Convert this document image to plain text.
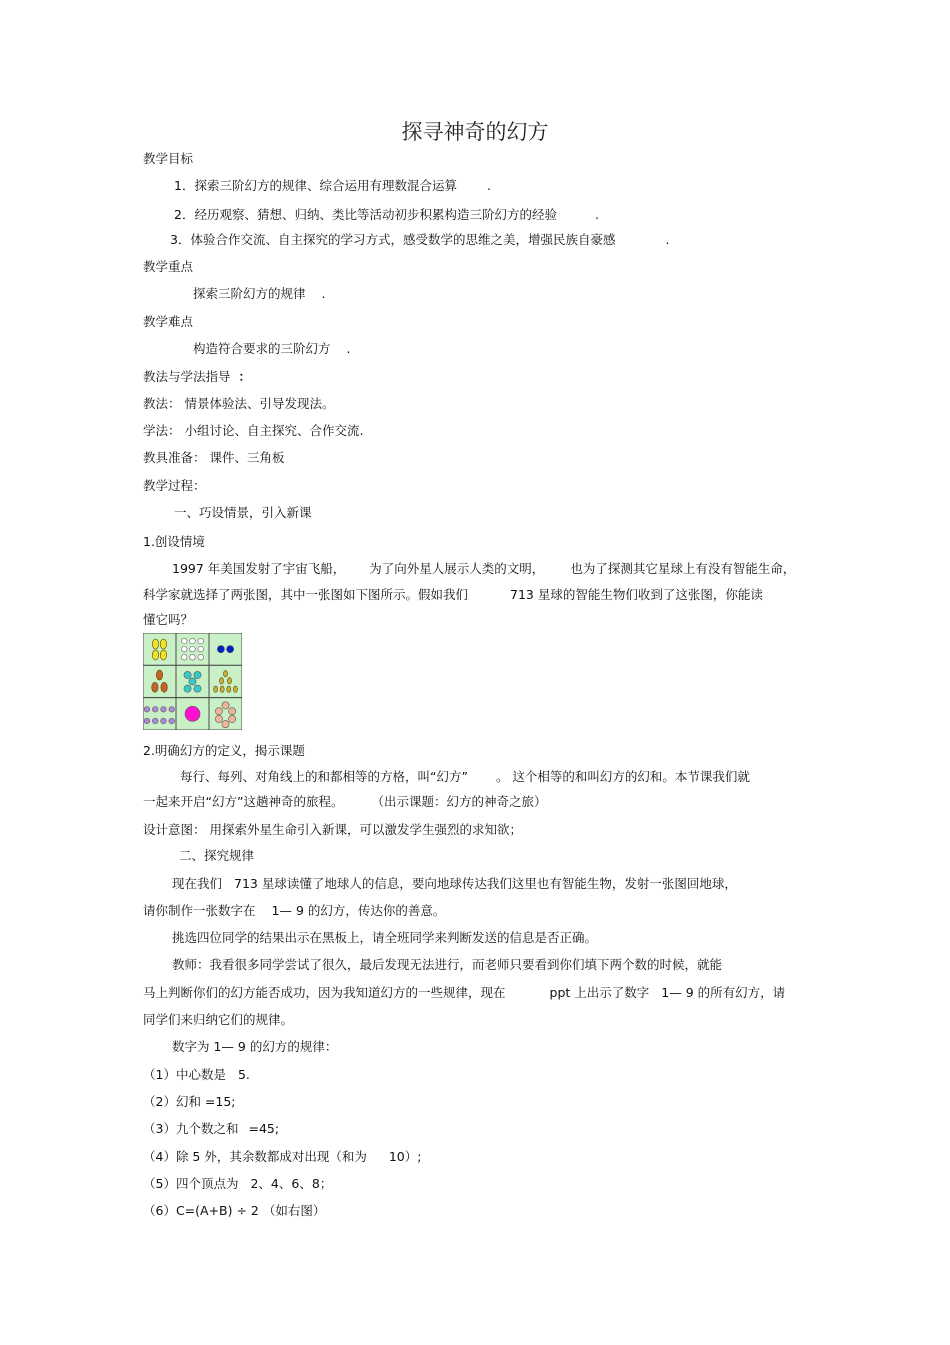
探寻神奇的幻方
教学目标
1．探索三阶幻方的规律、综合运用有理数混合运算 .
2．经历观察、猜想、归纳、类比等活动初步积累构造三阶幻方的经验	.
3．体验合作交流、自主探究的学习方式，感受数学的思维之美，增强民族自豪感	.
教学重点
探索三阶幻方的规律 .
教学难点
构造符合要求的三阶幻方 .
教法与学法指导 ：
教法： 情景体验法、引导发现法。
学法： 小组讨论、自主探究、合作交流.
教具准备： 课件、三角板
教学过程：
一、巧设情景，引入新课
1.创设情境
1997 年美国发射了宇宙飞船， 为了向外星人展示人类的文明， 也为了探测其它星球上有没有智能生命，
科学家就选择了两张图，其中一张图如下图所示。假如我们	713 星球的智能生物们收到了这张图，你能读
懂它吗？
2.明确幻方的定义，揭示课题
每行、每列、对角线上的和都相等的方格，叫“幻方” 。 这个相等的和叫幻方的幻和。本节课我们就
一起来开启“幻方”这趟神奇的旅程。 （出示课题：幻方的神奇之旅）
设计意图： 用探索外星生命引入新课，可以激发学生强烈的求知欲；
二、探究规律
现在我们 713 星球读懂了地球人的信息，要向地球传达我们这里也有智能生物，发射一张图回地球，
请你制作一张数字在 1— 9 的幻方，传达你的善意。
挑选四位同学的结果出示在黑板上，请全班同学来判断发送的信息是否正确。
教师：我看很多同学尝试了很久，最后发现无法进行，而老师只要看到你们填下两个数的时候，就能
马上判断你们的幻方能否成功，因为我知道幻方的一些规律，现在	ppt 上出示了数字 1— 9 的所有幻方，请
同学们来归纳它们的规律。
数字为 1— 9 的幻方的规律：
（1）中心数是 5.
（2）幻和 =15;
（3）九个数之和 =45;
（4）除 5 外，其余数都成对出现（和为 10）;
（5）四个顶点为 2、4、6、8；
（6）C=(A+B) ÷ 2 （如右图）
